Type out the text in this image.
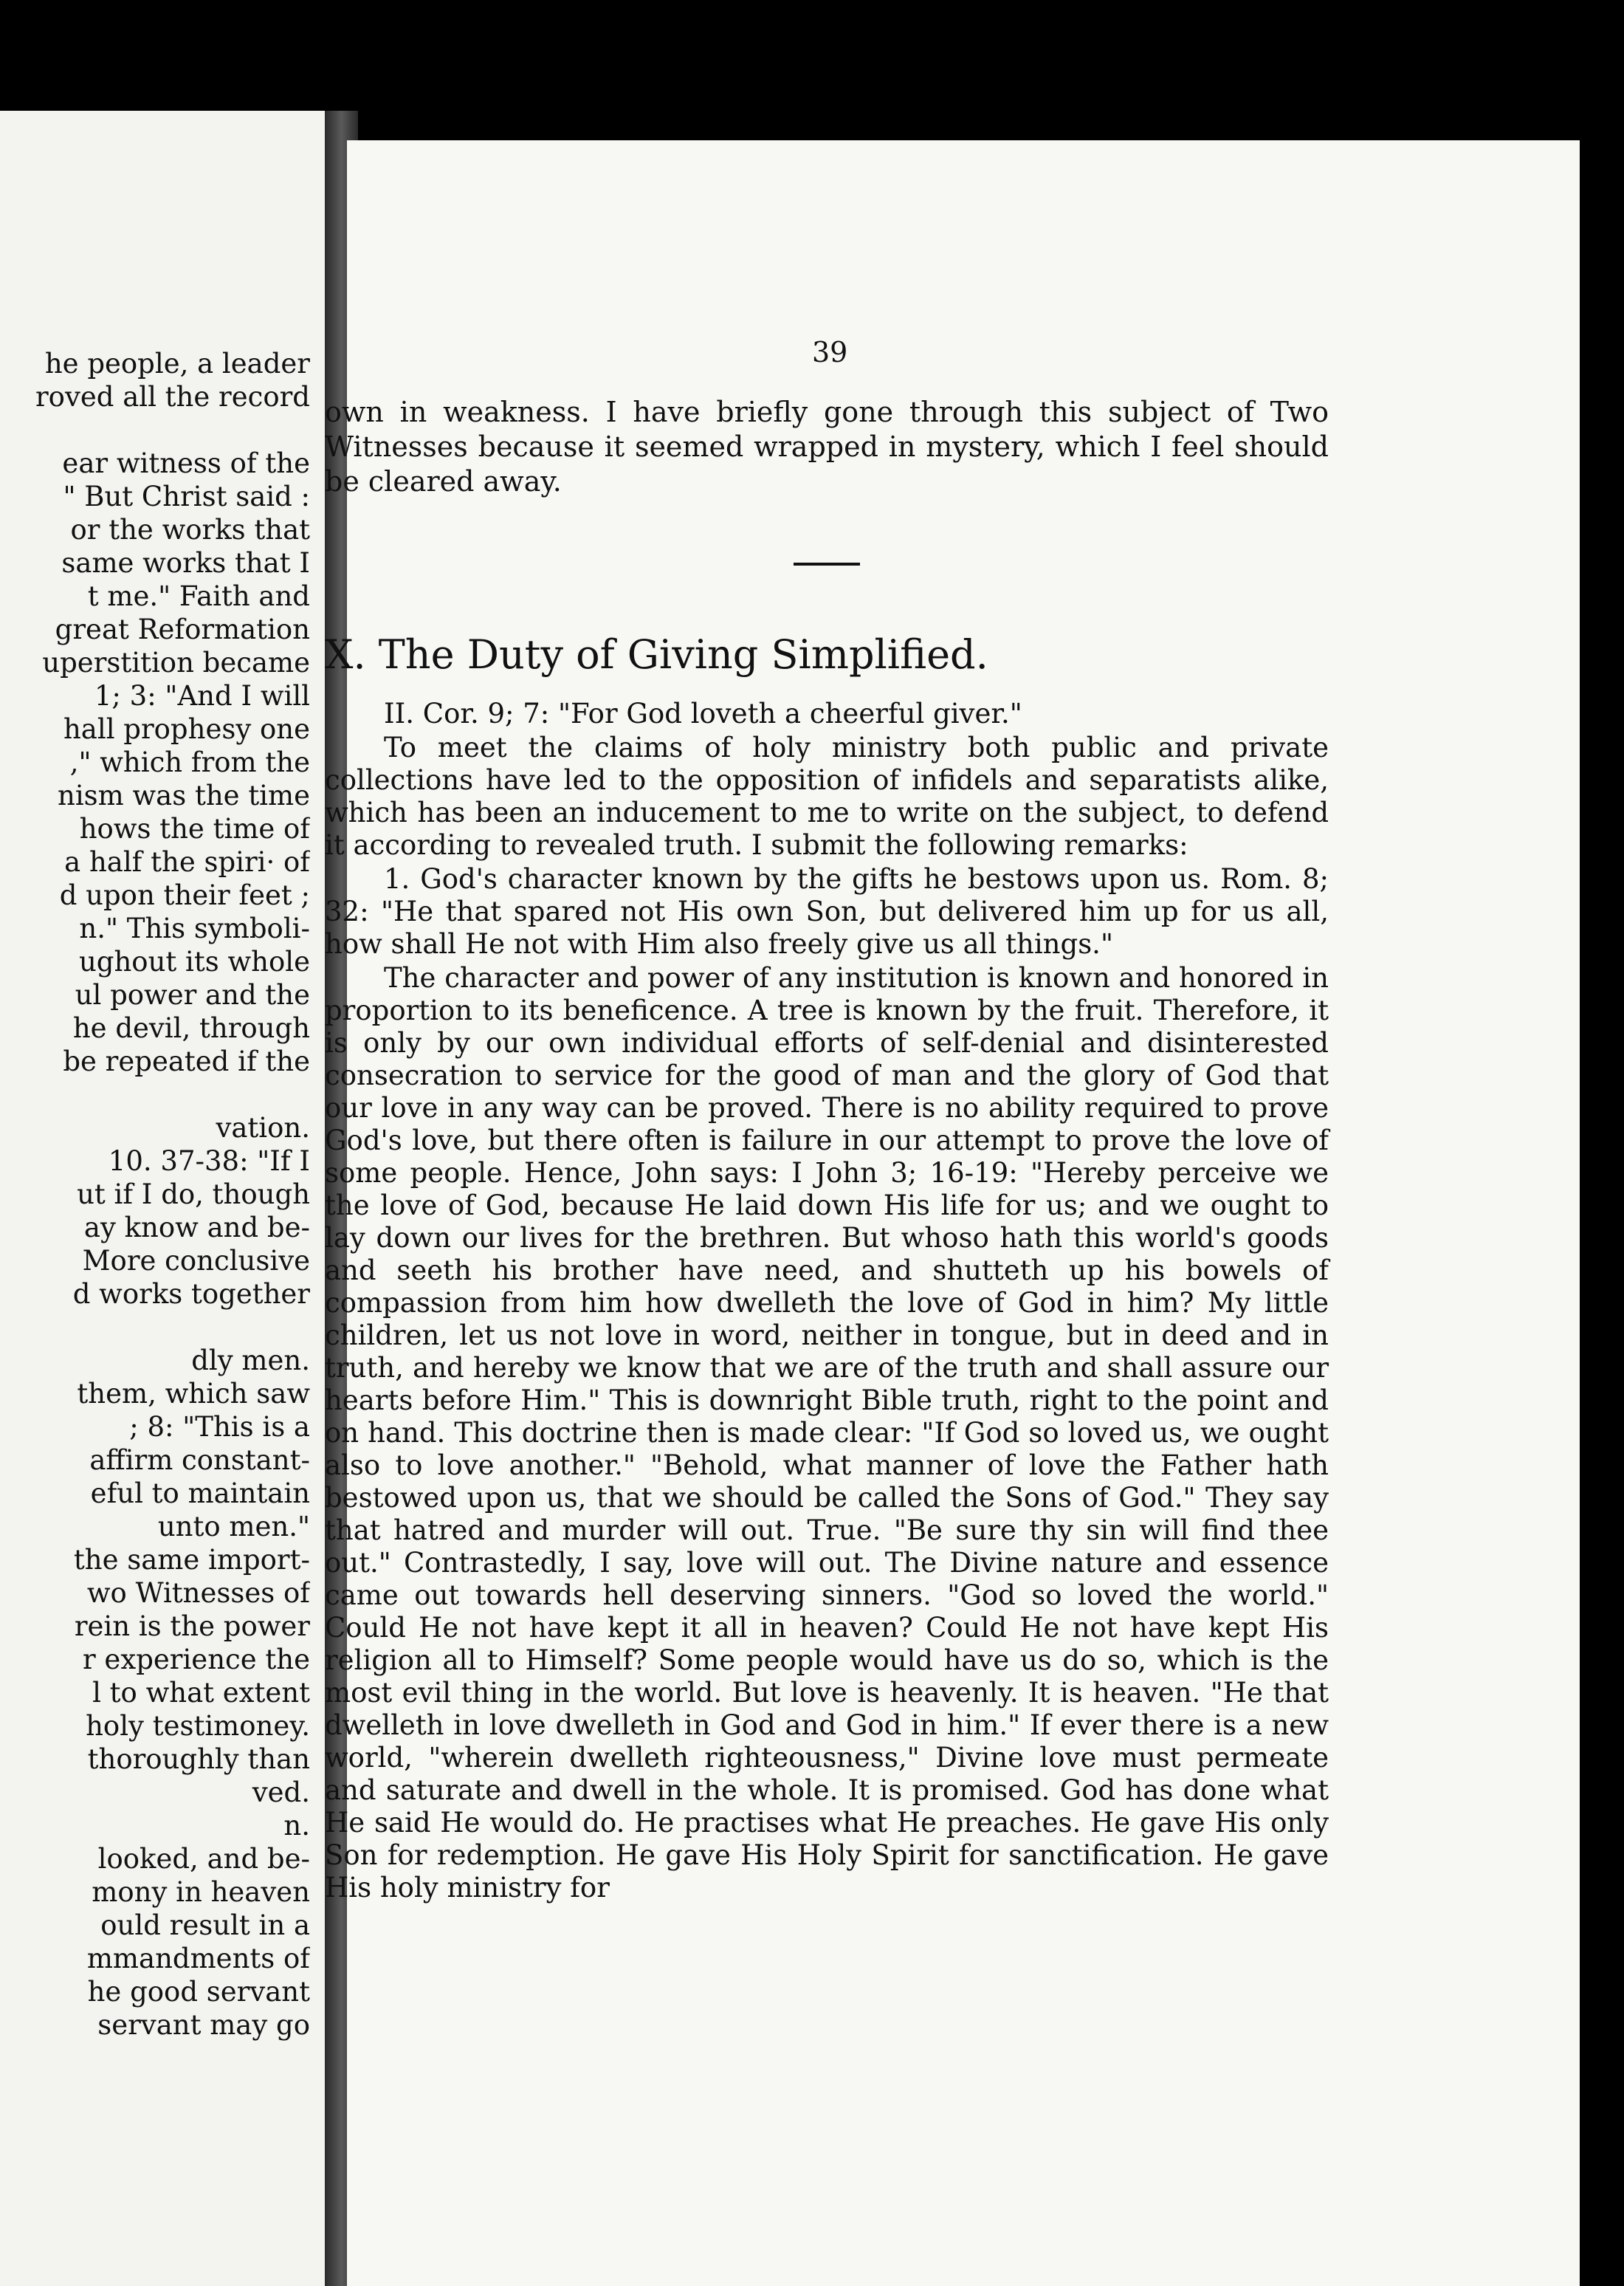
he people, a leader
roved all the record
ear witness of the
" But Christ said :
or the works that
same works that I
t me." Faith and
great Reformation
uperstition became
1; 3: "And I will
hall prophesy one
," which from the
nism was the time
hows the time of
a half the spiri· of
d upon their feet ;
n." This symboli-
ughout its whole
ul power and the
he devil, through
be repeated if the
vation.
10. 37-38: "If I
ut if I do, though
ay know and be-
More conclusive
d works together
dly men.
them, which saw
; 8: "This is a
affirm constant-
eful to maintain
unto men."
the same import-
wo Witnesses of
rein is the power
r experience the
l to what extent
holy testimoney.
thoroughly than
ved.
n.
looked, and be-
mony in heaven
ould result in a
mmandments of
he good servant
servant may go
39

own in weakness. I have briefly gone through this subject of Two Witnesses because it seemed wrapped in mystery, which I feel should be cleared away.

X. The Duty of Giving Simplified.

II. Cor. 9; 7: "For God loveth a cheerful giver."

To meet the claims of holy ministry both public and private collections have led to the opposition of infidels and separatists alike, which has been an inducement to me to write on the subject, to defend it according to revealed truth. I submit the following remarks:

1. God's character known by the gifts he bestows upon us. Rom. 8; 32: "He that spared not His own Son, but delivered him up for us all, how shall He not with Him also freely give us all things."

The character and power of any institution is known and honored in proportion to its beneficence. A tree is known by the fruit. Therefore, it is only by our own individual efforts of self-denial and disinterested consecration to service for the good of man and the glory of God that our love in any way can be proved. There is no ability required to prove God's love, but there often is failure in our attempt to prove the love of some people. Hence, John says: I John 3; 16-19: "Hereby perceive we the love of God, because He laid down His life for us; and we ought to lay down our lives for the brethren. But whoso hath this world's goods and seeth his brother have need, and shutteth up his bowels of compassion from him how dwelleth the love of God in him? My little children, let us not love in word, neither in tongue, but in deed and in truth, and hereby we know that we are of the truth and shall assure our hearts before Him." This is downright Bible truth, right to the point and on hand. This doctrine then is made clear: "If God so loved us, we ought also to love another." "Behold, what manner of love the Father hath bestowed upon us, that we should be called the Sons of God." They say that hatred and murder will out. True. "Be sure thy sin will find thee out." Contrastedly, I say, love will out. The Divine nature and essence came out towards hell deserving sinners. "God so loved the world." Could He not have kept it all in heaven? Could He not have kept His religion all to Himself? Some people would have us do so, which is the most evil thing in the world. But love is heavenly. It is heaven. "He that dwelleth in love dwelleth in God and God in him." If ever there is a new world, "wherein dwelleth righteousness," Divine love must permeate and saturate and dwell in the whole. It is promised. God has done what He said He would do. He practises what He preaches. He gave His only Son for redemption. He gave His Holy Spirit for sanctification. He gave His holy ministry for
